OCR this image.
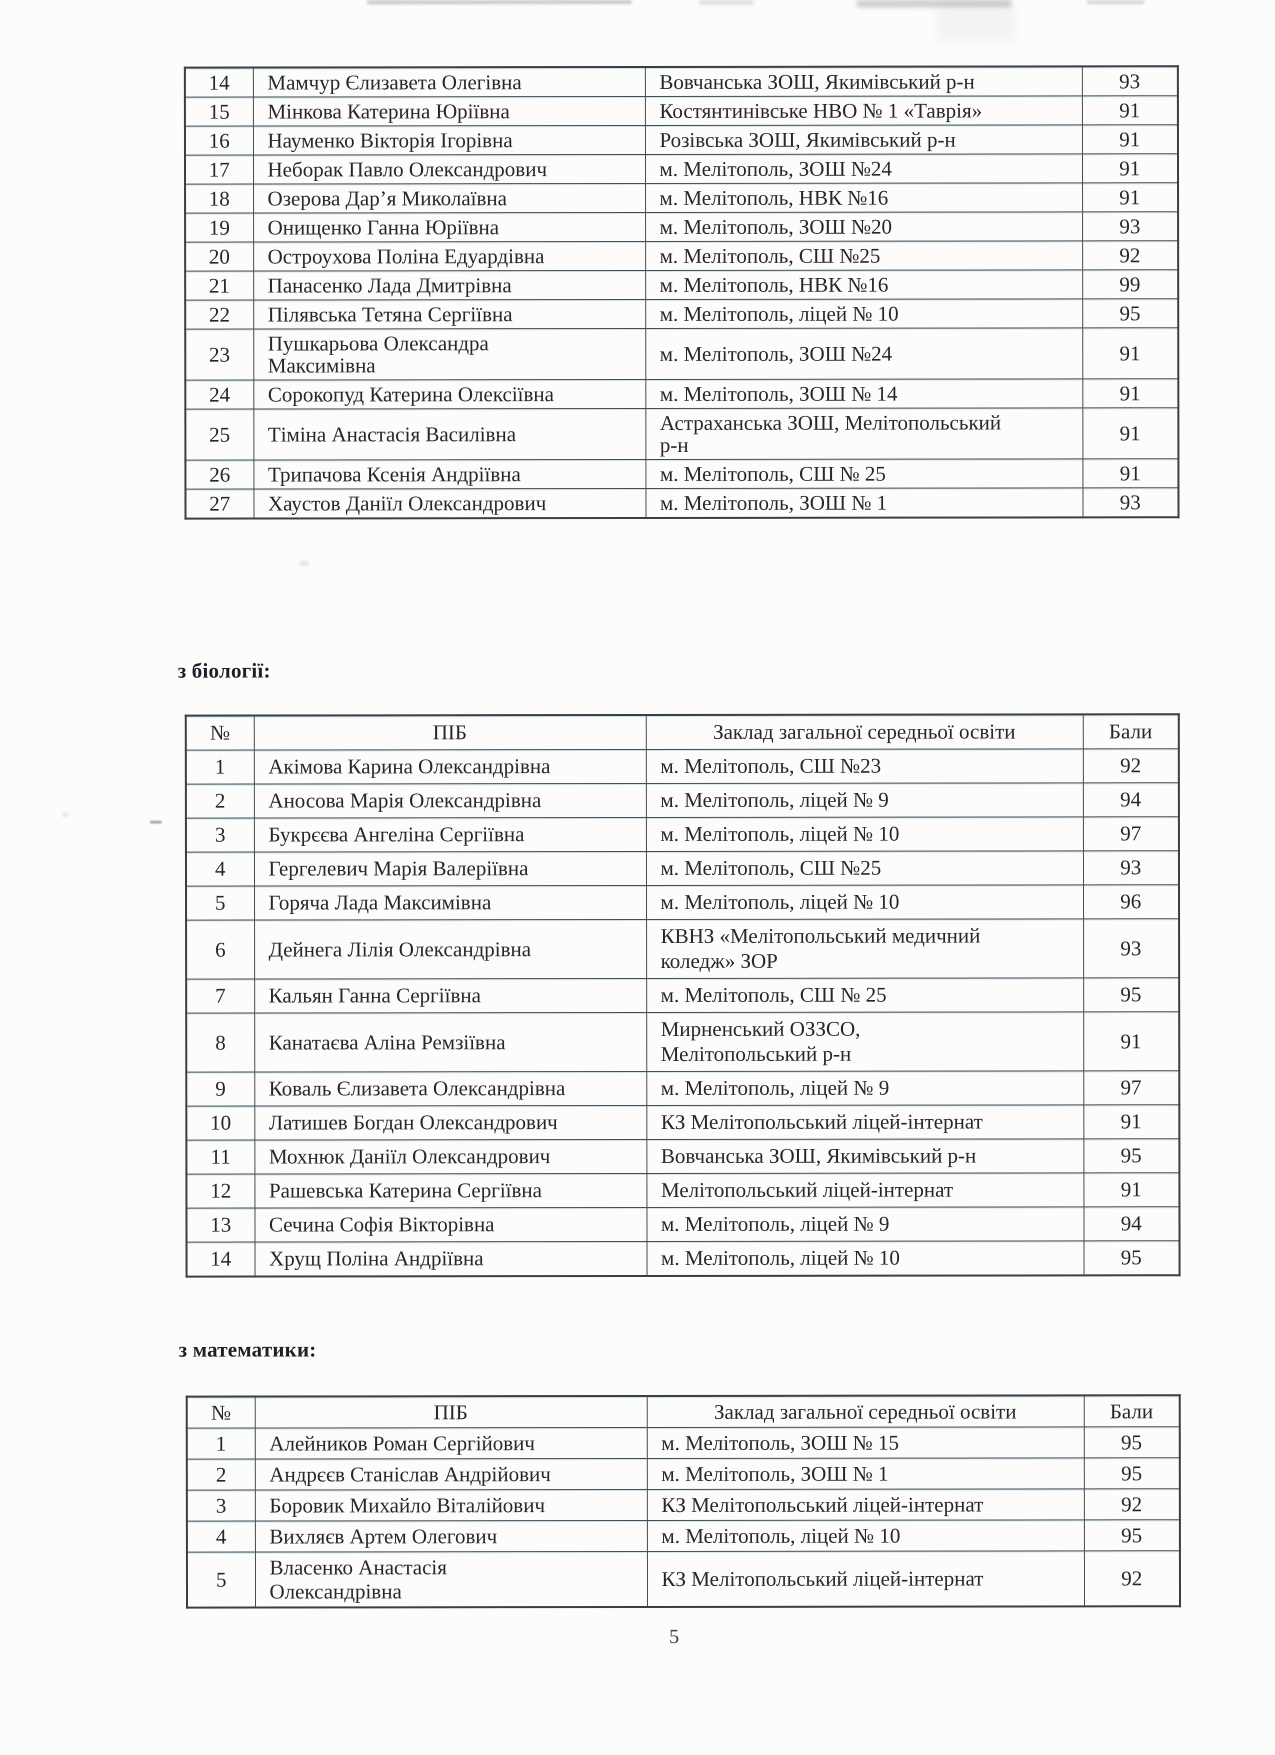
14	Мамчур Єлизавета Олегівна	Вовчанська ЗОШ, Якимівський р-н	93
15	Мінкова Катерина Юріївна	Костянтинівське НВО № 1 «Таврія»	91
16	Науменко Вікторія Ігорівна	Розівська ЗОШ, Якимівський р-н	91
17	Неборак Павло Олександрович	м. Мелітополь, ЗОШ №24	91
18	Озерова Дар’я Миколаївна	м. Мелітополь, НВК №16	91
19	Онищенко Ганна Юріївна	м. Мелітополь, ЗОШ №20	93
20	Остроухова Поліна Едуардівна	м. Мелітополь, СШ №25	92
21	Панасенко Лада Дмитрівна	м. Мелітополь, НВК №16	99
22	Пілявська Тетяна Сергіївна	м. Мелітополь, ліцей № 10	95
23	Пушкарьова Олександра
Максимівна	м. Мелітополь, ЗОШ №24	91
24	Сорокопуд Катерина Олексіївна	м. Мелітополь, ЗОШ № 14	91
25	Тіміна Анастасія Василівна	Астраханська ЗОШ, Мелітопольський
р-н	91
26	Трипачова Ксенія Андріївна	м. Мелітополь, СШ № 25	91
27	Хаустов Даніїл Олександрович	м. Мелітополь, ЗОШ № 1	93
з біології:
№	ПІБ	Заклад загальної середньої освіти	Бали
1	Акімова Карина Олександрівна	м. Мелітополь, СШ №23	92
2	Аносова Марія Олександрівна	м. Мелітополь, ліцей № 9	94
3	Букрєєва Ангеліна Сергіївна	м. Мелітополь, ліцей № 10	97
4	Гергелевич Марія Валеріївна	м. Мелітополь, СШ №25	93
5	Горяча Лада Максимівна	м. Мелітополь, ліцей № 10	96
6	Дейнега Лілія Олександрівна	КВНЗ «Мелітопольський медичний
коледж» ЗОР	93
7	Кальян Ганна Сергіївна	м. Мелітополь, СШ № 25	95
8	Канатаєва Аліна Ремзіївна	Мирненський ОЗЗСО,
Мелітопольський р-н	91
9	Коваль Єлизавета Олександрівна	м. Мелітополь, ліцей № 9	97
10	Латишев Богдан Олександрович	КЗ Мелітопольський ліцей-інтернат	91
11	Мохнюк Даніїл Олександрович	Вовчанська ЗОШ, Якимівський р-н	95
12	Рашевська Катерина Сергіївна	Мелітопольський ліцей-інтернат	91
13	Сечина Софія Вікторівна	м. Мелітополь, ліцей № 9	94
14	Хрущ Поліна Андріївна	м. Мелітополь, ліцей № 10	95
з математики:
№	ПІБ	Заклад загальної середньої освіти	Бали
1	Алейников Роман Сергійович	м. Мелітополь, ЗОШ № 15	95
2	Андрєєв Станіслав Андрійович	м. Мелітополь, ЗОШ № 1	95
3	Боровик Михайло Віталійович	КЗ Мелітопольський ліцей-інтернат	92
4	Вихляєв Артем Олегович	м. Мелітополь, ліцей № 10	95
5	Власенко Анастасія
Олександрівна	КЗ Мелітопольський ліцей-інтернат	92
5
